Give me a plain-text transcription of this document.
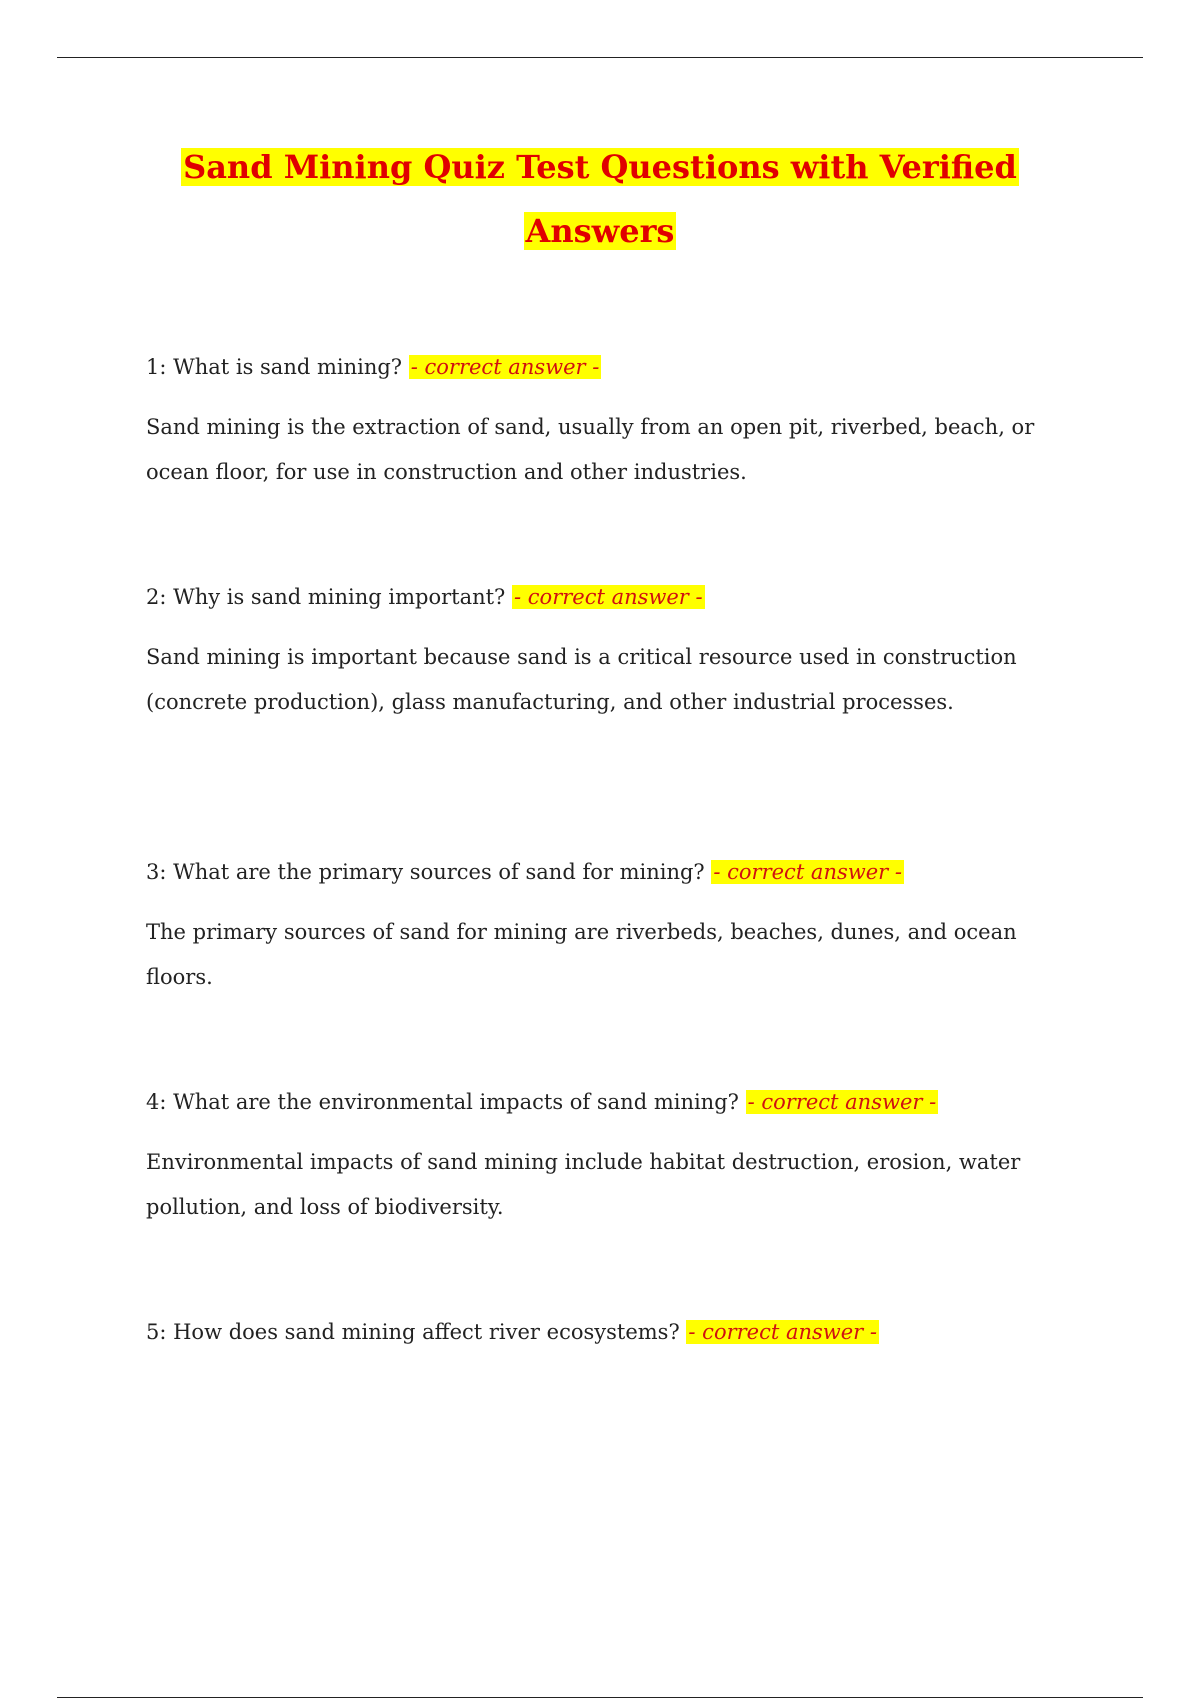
Sand Mining Quiz Test Questions with Verified
Answers

1: What is sand mining? - correct answer -

Sand mining is the extraction of sand, usually from an open pit, riverbed, beach, or ocean floor, for use in construction and other industries.

2: Why is sand mining important? - correct answer -

Sand mining is important because sand is a critical resource used in construction (concrete production), glass manufacturing, and other industrial processes.

3: What are the primary sources of sand for mining? - correct answer -

The primary sources of sand for mining are riverbeds, beaches, dunes, and ocean floors.

4: What are the environmental impacts of sand mining? - correct answer -

Environmental impacts of sand mining include habitat destruction, erosion, water pollution, and loss of biodiversity.

5: How does sand mining affect river ecosystems? - correct answer -
